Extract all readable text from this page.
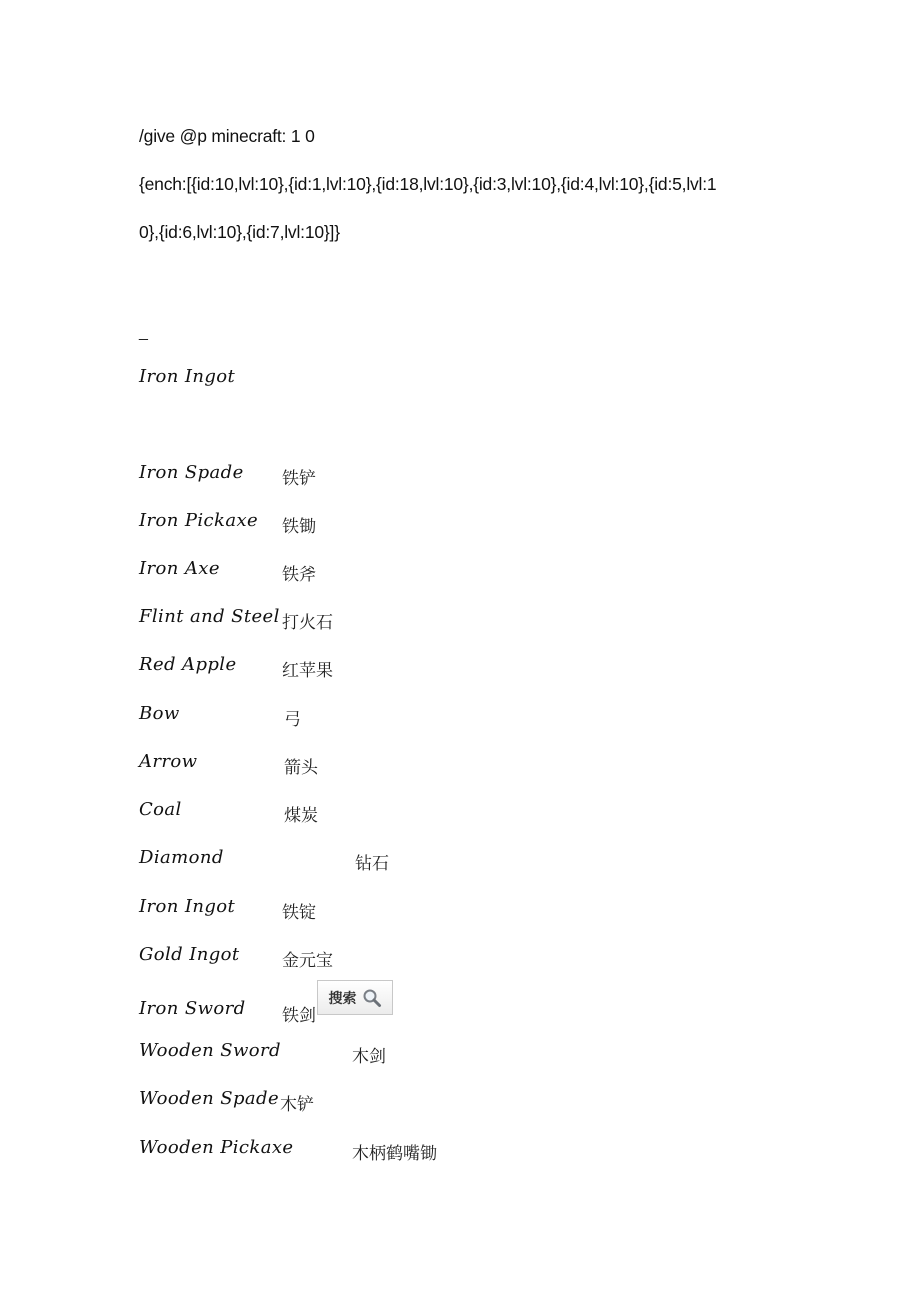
/give @p minecraft: 1 0
{ench:[{id:10,lvl:10},{id:1,lvl:10},{id:18,lvl:10},{id:3,lvl:10},{id:4,lvl:10},{id:5,lvl:1
0},{id:6,lvl:10},{id:7,lvl:10}]}
_
Iron Ingot
Iron Spade 铁铲
Iron Pickaxe 铁锄
Iron Axe	铁斧
Flint and Steel 打火石
Red Apple	红苹果
Bow	弓
Arrow	箭头
Coal	煤炭
Diamond	钻石
Iron Ingot	铁锭
Gold Ingot 金元宝
Iron Sword 铁剑
Wooden Sword	木剑
Wooden Spade 木铲
Wooden Pickaxe	木柄鹤嘴锄
搜索
